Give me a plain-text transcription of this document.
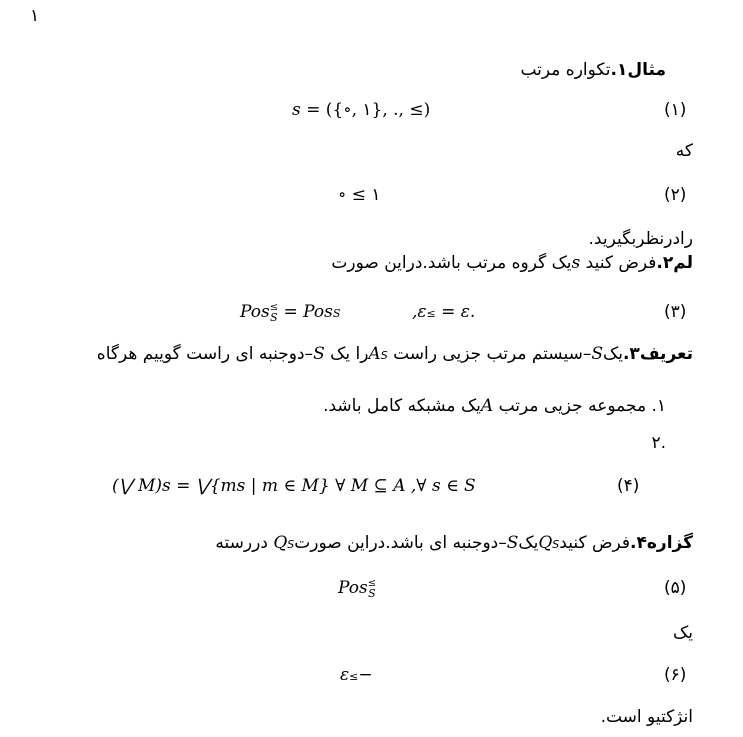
۱
مثال۱.تکواره مرتب
s = ({∘, ۱}, ., ≤)	(۱)
که
∘ ≤ ۱	(۲)
رادرنظربگیرید.
لم۲.فرض کنید sیک گروه مرتب باشد.دراین صورت
Pos ≤
S = PosS	,ε≤ = ε.	(۳)
تعریف۳.یکS–سیستم مرتب جزیی راست ASرا یک S–دوجنبه ای راست گوییم هرگاه
۱. مجموعه جزیی مرتب Aیک مشبکه کامل باشد.
.۲
(⋁ M)s = ⋁{ms | m ∈ M} ∀ M ⊆ A ,∀ s ∈ S	(۴)
گزاره۴.فرض کنیدQSیکS–دوجنبه ای باشد.دراین صورتQS دررسته
Pos ≤
S	(۵)
یک
ε≤−	(۶)
انژکتیو است.
